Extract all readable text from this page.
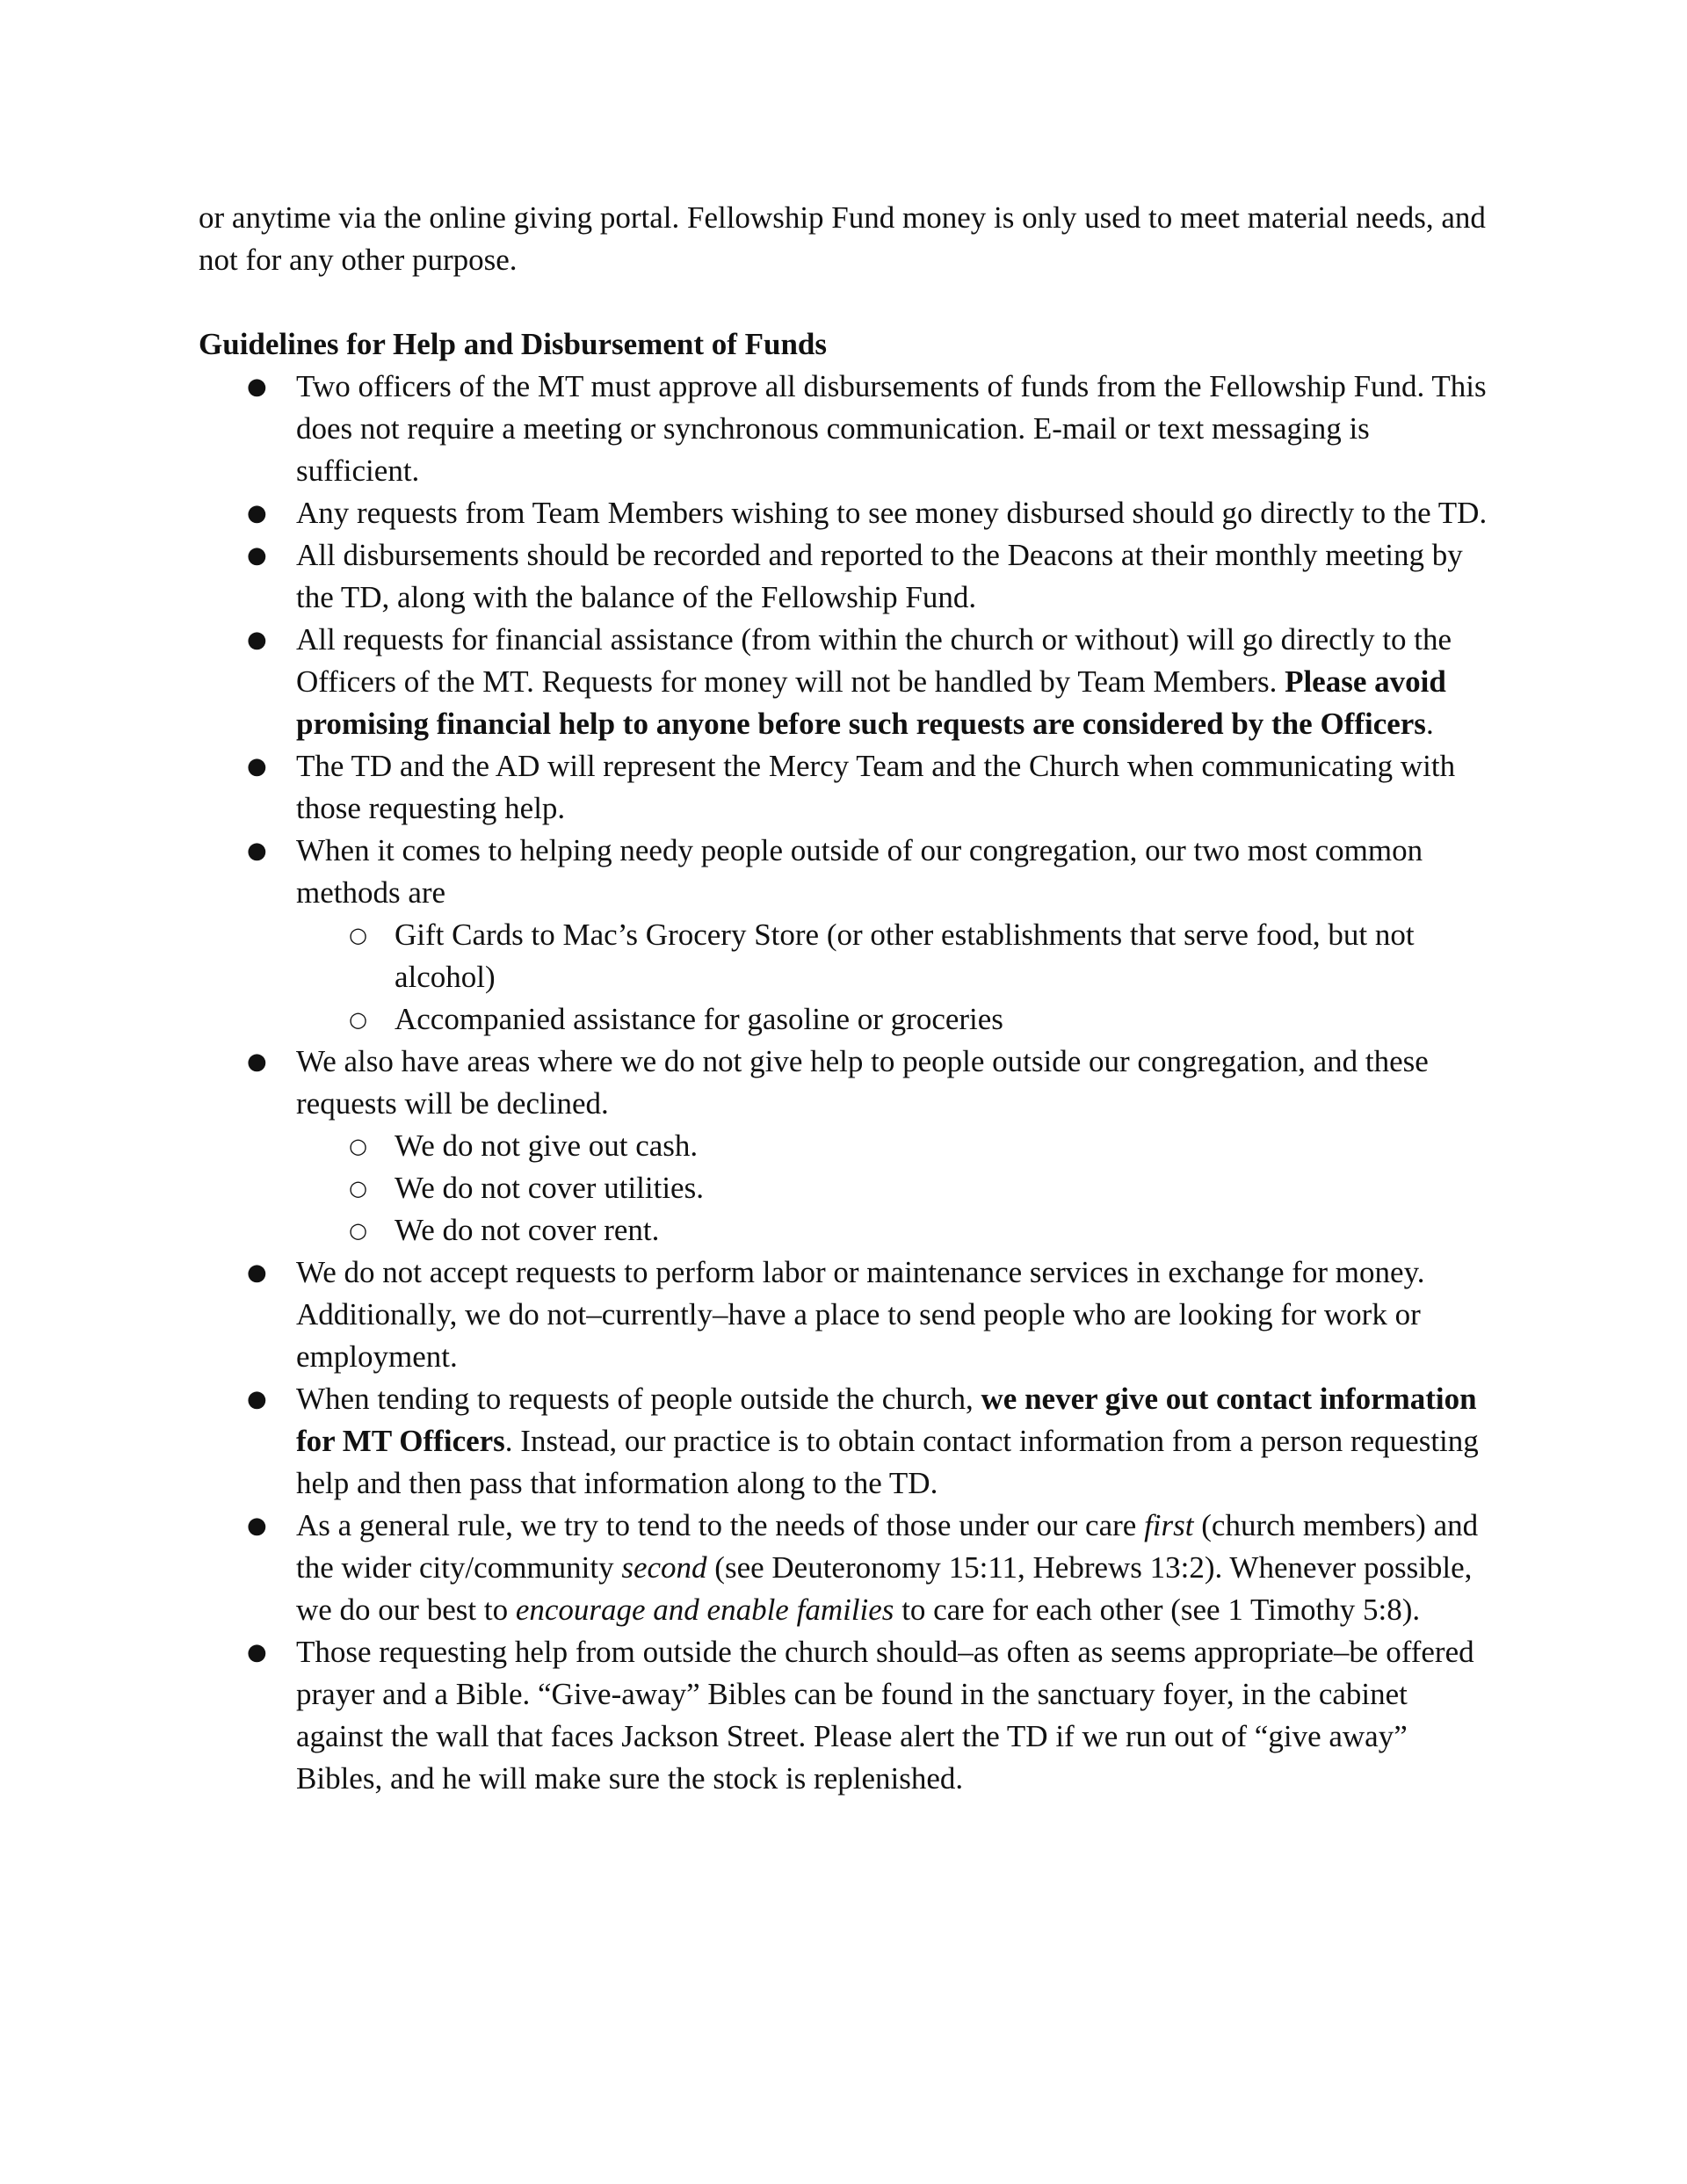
or anytime via the online giving portal. Fellowship Fund money is only used to meet material needs, and not for any other purpose.

Guidelines for Help and Disbursement of Funds

● Two officers of the MT must approve all disbursements of funds from the Fellowship Fund. This does not require a meeting or synchronous communication. E-mail or text messaging is sufficient.
● Any requests from Team Members wishing to see money disbursed should go directly to the TD.
● All disbursements should be recorded and reported to the Deacons at their monthly meeting by the TD, along with the balance of the Fellowship Fund.
● All requests for financial assistance (from within the church or without) will go directly to the Officers of the MT. Requests for money will not be handled by Team Members. Please avoid promising financial help to anyone before such requests are considered by the Officers.
● The TD and the AD will represent the Mercy Team and the Church when communicating with those requesting help.
● When it comes to helping needy people outside of our congregation, our two most common methods are
○ Gift Cards to Mac’s Grocery Store (or other establishments that serve food, but not alcohol)
○ Accompanied assistance for gasoline or groceries
● We also have areas where we do not give help to people outside our congregation, and these requests will be declined.
○ We do not give out cash.
○ We do not cover utilities.
○ We do not cover rent.
● We do not accept requests to perform labor or maintenance services in exchange for money. Additionally, we do not–currently–have a place to send people who are looking for work or employment.
● When tending to requests of people outside the church, we never give out contact information for MT Officers. Instead, our practice is to obtain contact information from a person requesting help and then pass that information along to the TD.
● As a general rule, we try to tend to the needs of those under our care first (church members) and the wider city/community second (see Deuteronomy 15:11, Hebrews 13:2). Whenever possible, we do our best to encourage and enable families to care for each other (see 1 Timothy 5:8).
● Those requesting help from outside the church should–as often as seems appropriate–be offered prayer and a Bible. “Give-away” Bibles can be found in the sanctuary foyer, in the cabinet against the wall that faces Jackson Street. Please alert the TD if we run out of “give away” Bibles, and he will make sure the stock is replenished.
